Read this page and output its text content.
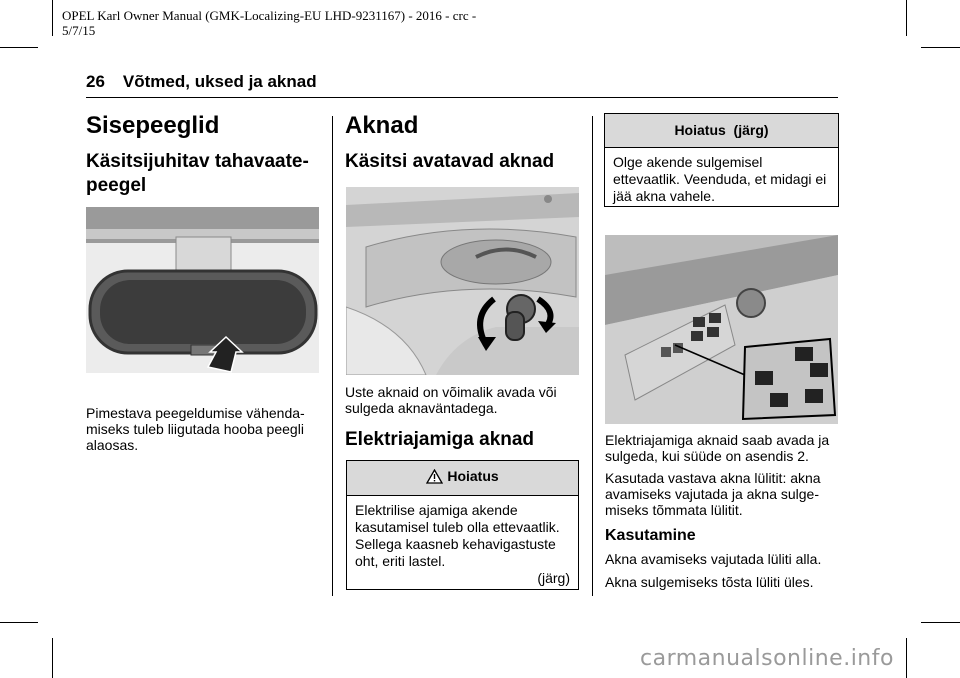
OPEL Karl Owner Manual (GMK-Localizing-EU LHD-9231167) - 2016 - crc -
5/7/15
26 Võtmed, uksed ja aknad
Sisepeeglid
Käsitsijuhitav tahavaate-peegel
Pimestava peegeldumise vähenda-miseks tuleb liigutada hooba peegli alaosas.
Aknad
Käsitsi avatavad aknad
Uste aknaid on võimalik avada või sulgeda aknaväntadega.
Elektriajamiga aknad
Hoiatus
Elektrilise ajamiga akende kasutamisel tuleb olla ettevaatlik. Sellega kaasneb kehavigastuste oht, eriti lastel.
(järg)
Hoiatus  (järg)
Olge akende sulgemisel ettevaatlik. Veenduda, et midagi ei jää akna vahele.
Elektriajamiga aknaid saab avada ja sulgeda, kui süüde on asendis 2.
Kasutada vastava akna lülitit: akna avamiseks vajutada ja akna sulge-miseks tõmmata lülitit.
Kasutamine
Akna avamiseks vajutada lüliti alla.
Akna sulgemiseks tõsta lüliti üles.
carmanualsonline.info
